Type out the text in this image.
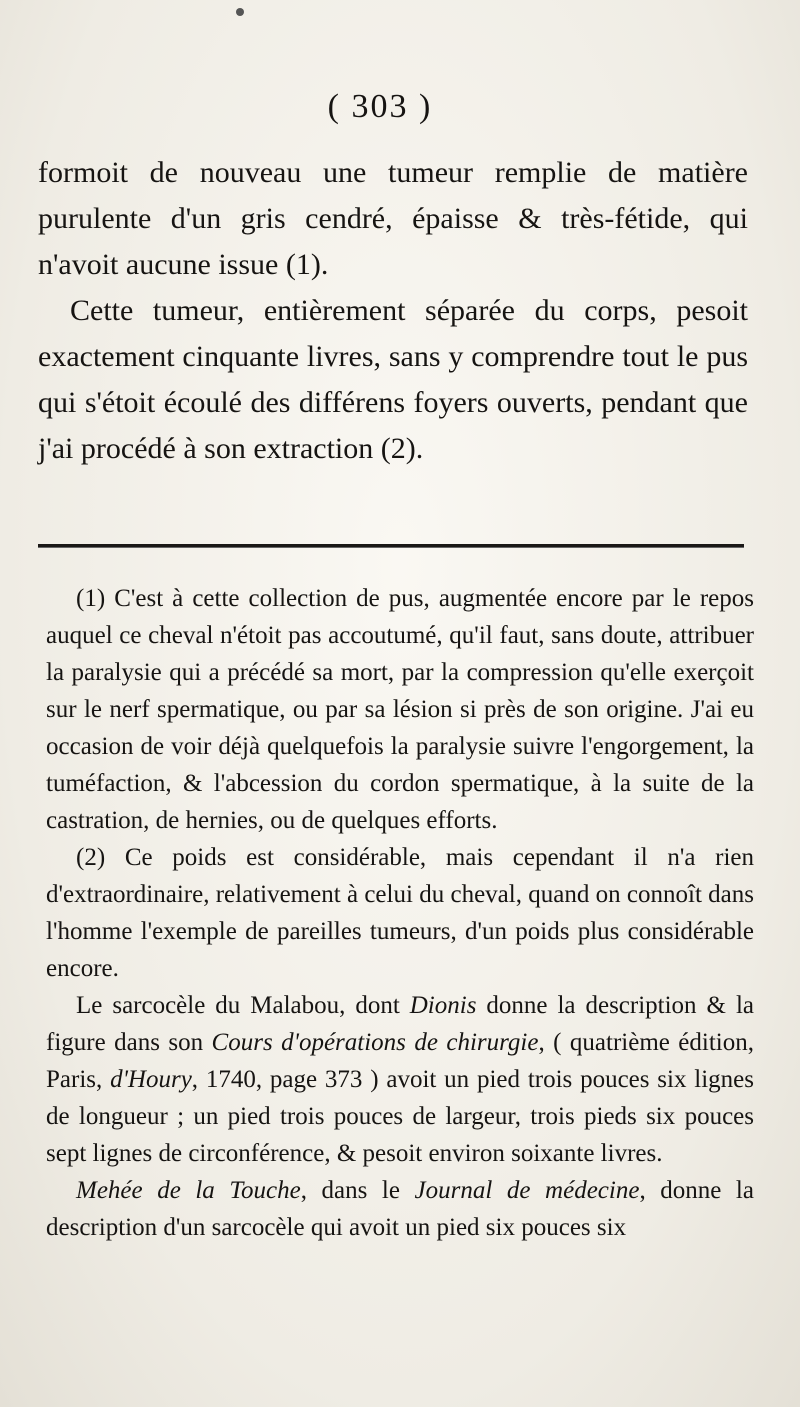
( 303 )

formoit de nouveau une tumeur remplie de matière purulente d'un gris cendré, épaisse & très-fétide, qui n'avoit aucune issue (1).

Cette tumeur, entièrement séparée du corps, pesoit exactement cinquante livres, sans y comprendre tout le pus qui s'étoit écoulé des différens foyers ouverts, pendant que j'ai procédé à son extraction (2).

(1) C'est à cette collection de pus, augmentée encore par le repos auquel ce cheval n'étoit pas accoutumé, qu'il faut, sans doute, attribuer la paralysie qui a précédé sa mort, par la compression qu'elle exerçoit sur le nerf spermatique, ou par sa lésion si près de son origine. J'ai eu occasion de voir déjà quelquefois la paralysie suivre l'engorgement, la tuméfaction, & l'abcession du cordon spermatique, à la suite de la castration, de hernies, ou de quelques efforts.

(2) Ce poids est considérable, mais cependant il n'a rien d'extraordinaire, relativement à celui du cheval, quand on connoît dans l'homme l'exemple de pareilles tumeurs, d'un poids plus considérable encore.

Le sarcocèle du Malabou, dont Dionis donne la description & la figure dans son Cours d'opérations de chirurgie, ( quatrième édition, Paris, d'Houry, 1740, page 373 ) avoit un pied trois pouces six lignes de longueur ; un pied trois pouces de largeur, trois pieds six pouces sept lignes de circonférence, & pesoit environ soixante livres.

Mehée de la Touche, dans le Journal de médecine, donne la description d'un sarcocèle qui avoit un pied six pouces six
